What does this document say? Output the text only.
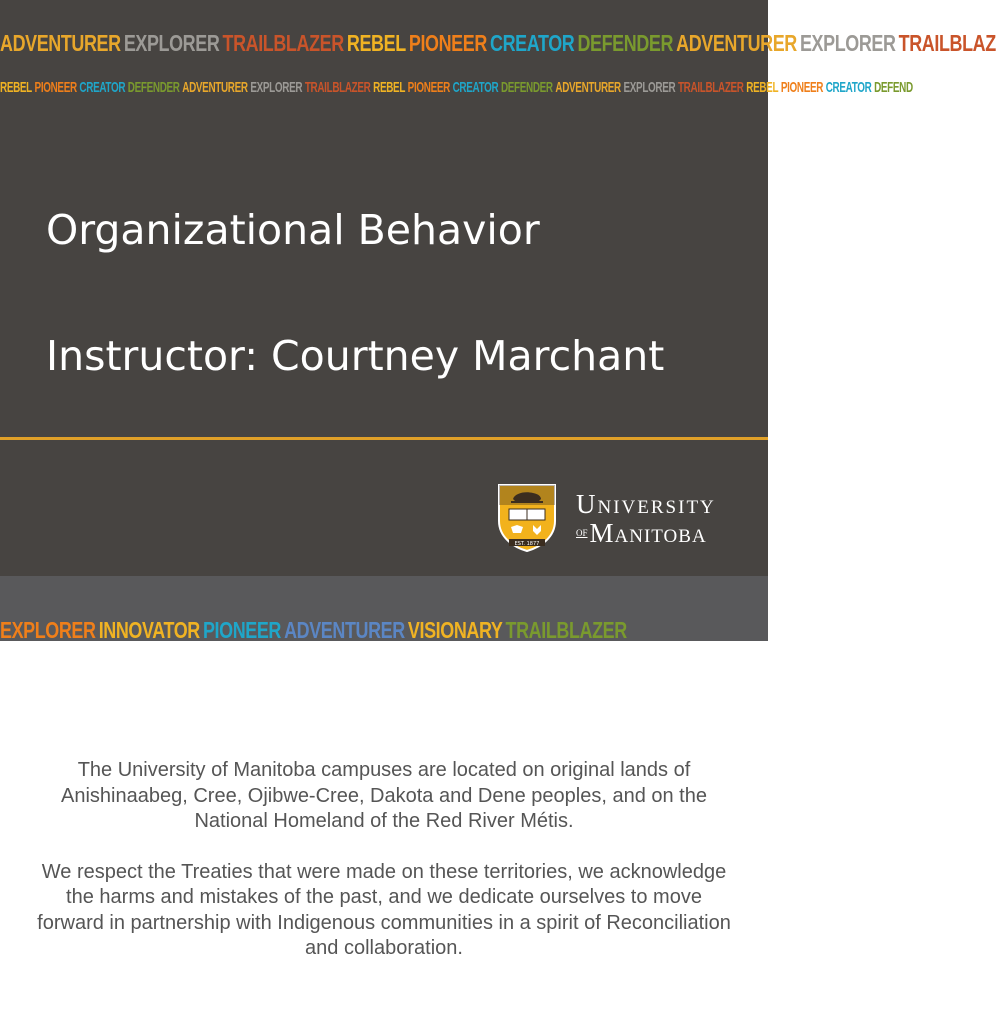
ADVENTURER EXPLORER TRAILBLAZER REBEL PIONEER CREATOR DEFENDER ADVENTURER EXPLORER TRAILBLAZ
REBEL PIONEER CREATOR DEFENDER ADVENTURER EXPLORER TRAILBLAZER REBEL PIONEER CREATOR DEFENDER ADVENTURER EXPLORER TRAILBLAZER REBEL PIONEER CREATOR DEFEND
Organizational Behavior
Instructor: Courtney Marchant
EST. 1877
University
$^{of}$Manitoba
EXPLORER INNOVATOR PIONEER ADVENTURER VISIONARY TRAILBLAZER

The University of Manitoba campuses are located on original lands of Anishinaabeg, Cree, Ojibwe-Cree, Dakota and Dene peoples, and on the National Homeland of the Red River Métis.

We respect the Treaties that were made on these territories, we acknowledge the harms and mistakes of the past, and we dedicate ourselves to move forward in partnership with Indigenous communities in a spirit of Reconciliation and collaboration.
